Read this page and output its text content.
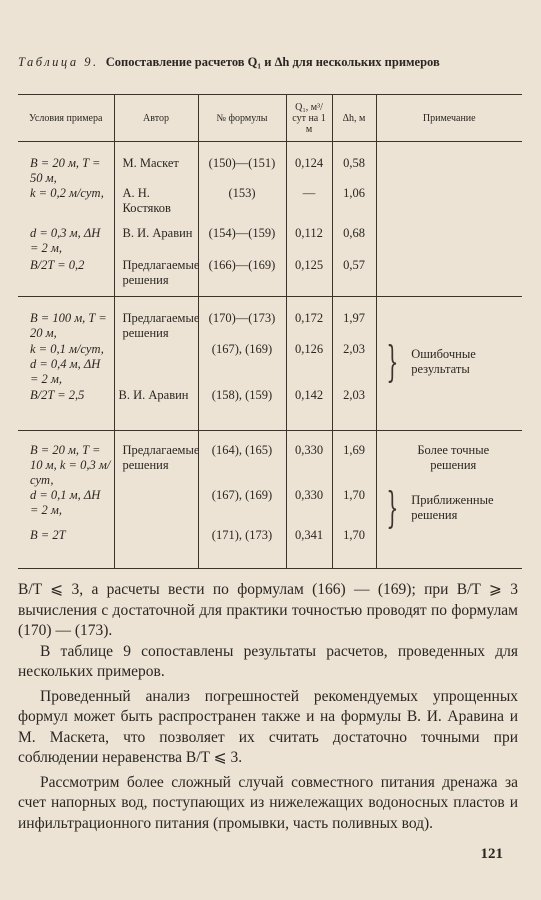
Таблица 9. Сопоставление расчетов Q₁ и Δh для нескольких примеров
Условия примера	Автор	№ формулы	Q₁, м³/сут на 1 м	Δh, м	Примечание
B = 20 м, T = 50 м,	М. Маскет	(150)—(151)	0,124	0,58	
k = 0,2 м/сут,	А. Н. Костяков	(153)	—	1,06	
d = 0,3 м, ΔH = 2 м,	В. И. Аравин	(154)—(159)	0,112	0,68	
B/2T = 0,2	Предлагаемые решения	(166)—(169)	0,125	0,57	
B = 100 м, T = 20 м,	Предлагаемые решения	(170)—(173)	0,172	1,97	
k = 0,1 м/сут, d = 0,4 м, ΔH = 2 м,		(167), (169)	0,126	2,03	} Ошибочные результаты

B/2T = 2,5	В. И. Аравин	(158), (159)	0,142	2,03	
B = 20 м, T = 10 м, k = 0,3 м/сут,	Предлагаемые решения	(164), (165)	0,330	1,69	Более точные решения
d = 0,1 м, ΔH = 2 м,		(167), (169)	0,330	1,70	} Приближенные решения

B = 2T		(171), (173)	0,341	1,70	

B/T ⩽ 3, а расчеты вести по формулам (166) — (169); при B/T ⩾ 3 вычисления с достаточной для практики точностью проводят по формулам (170) — (173).

В таблице 9 сопоставлены результаты расчетов, проведенных для нескольких примеров.

Проведенный анализ погрешностей рекомендуемых упрощенных формул может быть распространен также и на формулы В. И. Аравина и М. Маскета, что позволяет их считать достаточно точными при соблюдении неравенства B/T ⩽ 3.

Рассмотрим более сложный случай совместного питания дренажа за счет напорных вод, поступающих из нижележащих водоносных пластов и инфильтрационного питания (промывки, часть поливных вод).

121
